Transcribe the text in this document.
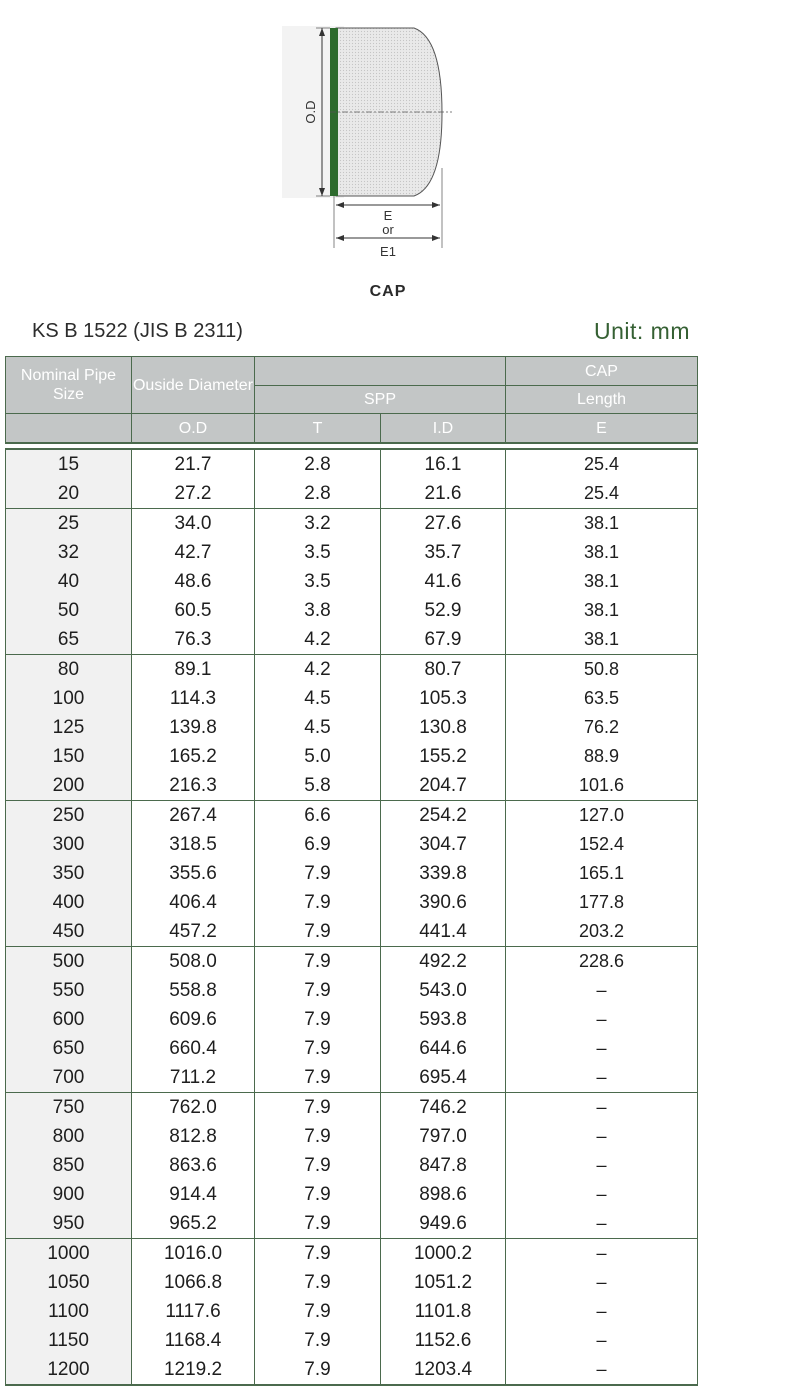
O.D
E
or
E1
CAP
KS B 1522 (JIS B 2311)	Unit: mm
Nominal Pipe Size	Ouside Diameter			CAP
		SPP		Length
	O.D	T	I.D	E

15	21.7	2.8	16.1	25.4
20	27.2	2.8	21.6	25.4
25	34.0	3.2	27.6	38.1
32	42.7	3.5	35.7	38.1
40	48.6	3.5	41.6	38.1
50	60.5	3.8	52.9	38.1
65	76.3	4.2	67.9	38.1
80	89.1	4.2	80.7	50.8
100	114.3	4.5	105.3	63.5
125	139.8	4.5	130.8	76.2
150	165.2	5.0	155.2	88.9
200	216.3	5.8	204.7	101.6
250	267.4	6.6	254.2	127.0
300	318.5	6.9	304.7	152.4
350	355.6	7.9	339.8	165.1
400	406.4	7.9	390.6	177.8
450	457.2	7.9	441.4	203.2
500	508.0	7.9	492.2	228.6
550	558.8	7.9	543.0	–
600	609.6	7.9	593.8	–
650	660.4	7.9	644.6	–
700	711.2	7.9	695.4	–
750	762.0	7.9	746.2	–
800	812.8	7.9	797.0	–
850	863.6	7.9	847.8	–
900	914.4	7.9	898.6	–
950	965.2	7.9	949.6	–
1000	1016.0	7.9	1000.2	–
1050	1066.8	7.9	1051.2	–
1100	1117.6	7.9	1101.8	–
1150	1168.4	7.9	1152.6	–
1200	1219.2	7.9	1203.4	–
